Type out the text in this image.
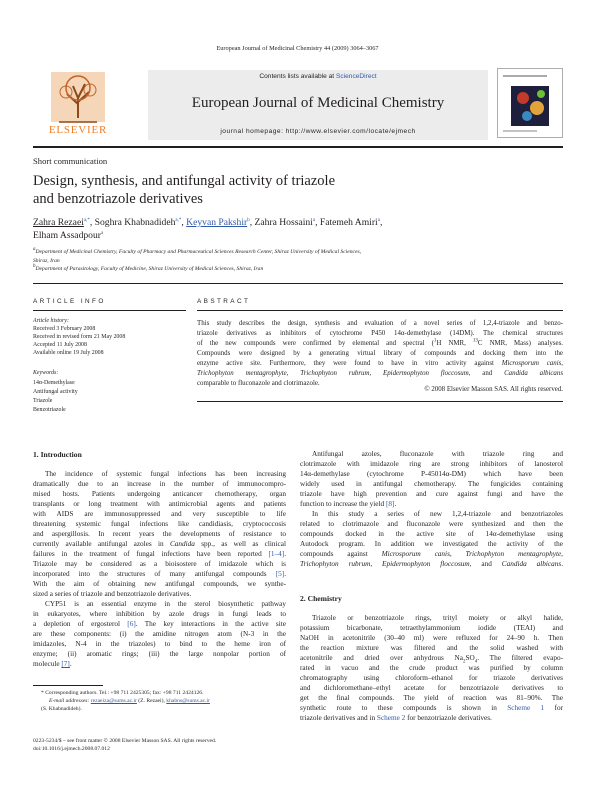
European Journal of Medicinal Chemistry 44 (2009) 3064–3067
Contents lists available at ScienceDirect
European Journal of Medicinal Chemistry
journal homepage: http://www.elsevier.com/locate/ejmech
ELSEVIER
Short communication
Design, synthesis, and antifungal activity of triazole
and benzotriazole derivatives
Zahra Rezaei$^{a,*}$, Soghra Khabnadideh$^{a,*}$, Keyvan Pakshir$^b$, Zahra Hossaini$^a$, Fatemeh Amiri$^a$,
Elham Assadpour$^a$
$^a$Department of Medicinal Chemistry, Faculty of Pharmacy and Pharmaceutical Sciences Research Center, Shiraz University of Medical Sciences,
Shiraz, Iran
$^b$Department of Parasitology, Faculty of Medicine, Shiraz University of Medical Sciences, Shiraz, Iran
ARTICLE INFO	ABSTRACT
Article history:
Received 3 February 2008
Received in revised form 21 May 2008
Accepted 11 July 2008
Available online 19 July 2008
Keywords:
14α-Demethylase
Antifungal activity
Triazole
Benzotriazole
This study describes the design, synthesis and evaluation of a novel series of 1,2,4-triazole and benzo-
triazole derivatives as inhibitors of cytochrome P450 14α-demethylase (14DM). The chemical structures
of the new compounds were confirmed by elemental and spectral ($^1$H NMR, $^{13}$C NMR, Mass) analyses.
Compounds were designed by a generating virtual library of compounds and docking them into the
enzyme active site. Furthermore, they were found to have in vitro activity against Microsporum canis,
Trichophyton mentagrophyte, Trichophyton rubrum, Epidermophyton floccosum, and Candida albicans
comparable to fluconazole and clotrimazole.
© 2008 Elsevier Masson SAS. All rights reserved.
1. Introduction
The incidence of systemic fungal infections has been increasing
dramatically due to an increase in the number of immunocompro-
mised hosts. Patients undergoing anticancer chemotherapy, organ
transplants or long treatment with antimicrobial agents and patients
with AIDS are immunosuppressed and very susceptible to life
threatening systemic fungal infections like candidiasis, cryptococcosis
and aspergillosis. In recent years the developments of resistance to
currently available antifungal azoles in Candida spp., as well as clinical
failures in the treatment of fungal infections have been reported [1–4].
Triazole may be considered as a bioisostere of imidazole which is
incorporated into the structures of many antifungal compounds [5].
With the aim of obtaining new antifungal compounds, we synthe-
sized a series of triazole and benzotriazole derivatives.
CYP51 is an essential enzyme in the sterol biosynthetic pathway
in eukaryotes, where inhibition by azole drugs in fungi leads to
a depletion of ergosterol [6]. The key interactions in the active site
are these components: (i) the amidine nitrogen atom (N-3 in the
imidazoles, N-4 in the triazoles) to bind to the heme iron of
enzyme; (ii) aromatic rings; (iii) the large nonpolar portion of
molecule [7].
Antifungal azoles, fluconazole with triazole ring and
clotrimazole with imidazole ring are strong inhibitors of lanosterol
14α-demethylase (cytochrome P-45014α-DM) which have been
widely used in antifungal chemotherapy. The fungicides containing
triazole have high prevention and cure against fungi and have the
function to increase the yield [8].
In this study a series of new 1,2,4-triazole and benzotriazoles
related to clotrimazole and fluconazole were synthesized and then the
compounds docked in the active site of 14α-demethylase using
Autodock program. In addition we investigated the activity of the
compounds against Microsporum canis, Trichophyton mentagrophyte,
Trichophyton rubrum, Epidermophyton floccosum, and Candida albicans.
2. Chemistry
Triazole or benzotriazole rings, trityl moiety or alkyl halide,
potassium bicarbonate, tetraethylammonium iodide (TEAI) and
NaOH in acetonitrile (30–40 ml) were refluxed for 24–90 h. Then
the reaction mixture was filtered and the solid washed with
acetonitrile and dried over anhydrous $Na_2SO_4$. The filtered evapo-
rated in vacuo and the crude product was purified by column
chromatography using chloroform–ethanol for triazole derivatives
and dichloromethane–ethyl acetate for benzotriazole derivatives to
get the final compounds. The yield of reaction was 81–90%. The
synthetic route to these compounds is shown in Scheme 1 for
triazole derivatives and in Scheme 2 for benzotriazole derivatives.
* Corresponding authors. Tel.: +98 711 2425305; fax: +98 711 2424126.
E-mail addresses: rezaeiza@sums.ac.ir (Z. Rezaei), khabns@sums.ac.ir
(S. Khabnadideh).
0223-5234/$ – see front matter © 2008 Elsevier Masson SAS. All rights reserved.
doi:10.1016/j.ejmech.2008.07.012
